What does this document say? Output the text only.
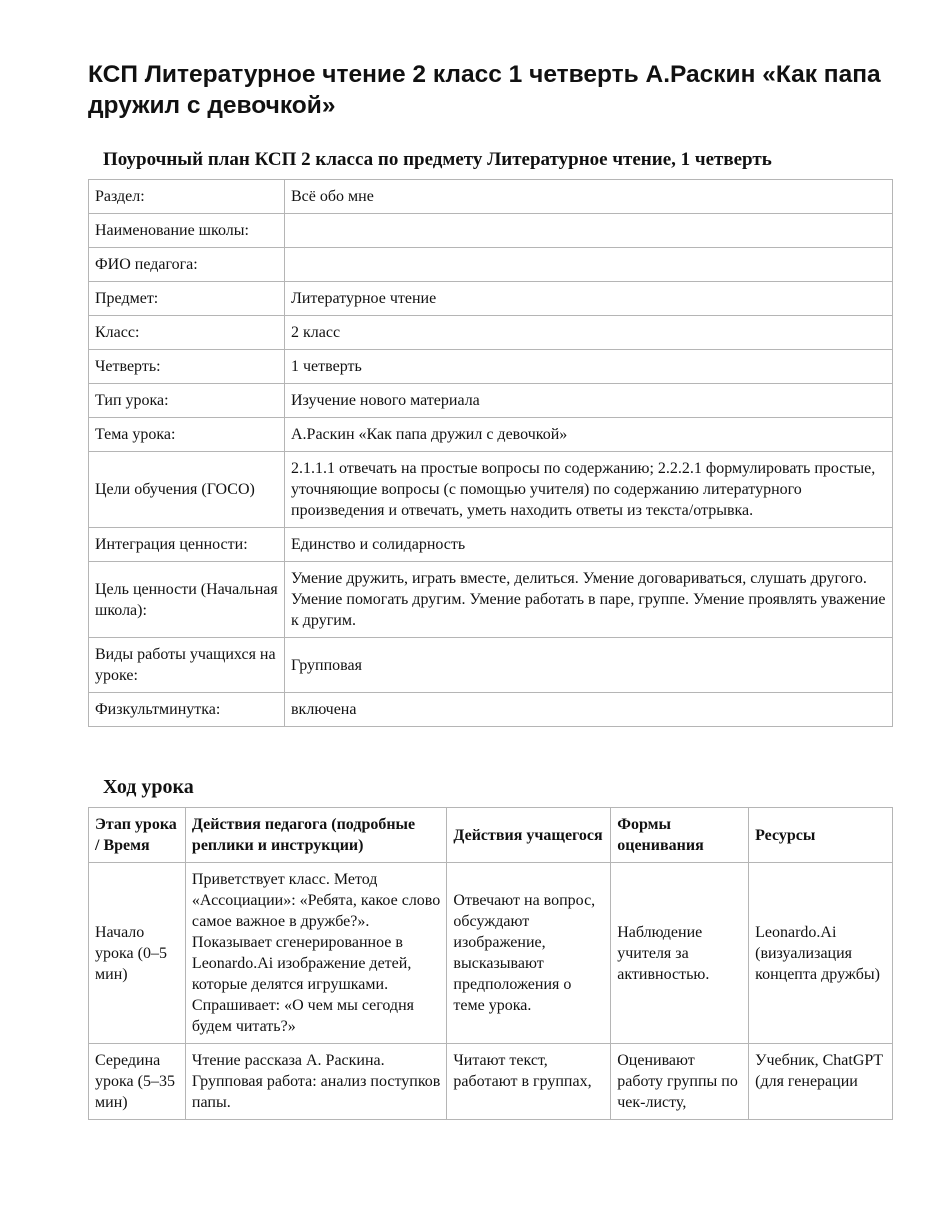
КСП Литературное чтение 2 класс 1 четверть А.Раскин «Как папа дружил с девочкой»
Поурочный план КСП 2 класса по предмету Литературное чтение, 1 четверть
Раздел:	Всё обо мне
Наименование школы:	
ФИО педагога:	
Предмет:	Литературное чтение
Класс:	2 класс
Четверть:	1 четверть
Тип урока:	Изучение нового материала
Тема урока:	А.Раскин «Как папа дружил с девочкой»
Цели обучения (ГОСО)	2.1.1.1 отвечать на простые вопросы по содержанию; 2.2.2.1 формулировать простые, уточняющие вопросы (с помощью учителя) по содержанию литературного произведения и отвечать, уметь находить ответы из текста/отрывка.
Интеграция ценности:	Единство и солидарность
Цель ценности (Начальная школа):	Умение дружить, играть вместе, делиться. Умение договариваться, слушать другого. Умение помогать другим. Умение работать в паре, группе. Умение проявлять уважение к другим.
Виды работы учащихся на уроке:	Групповая
Физкультминутка:	включена
Ход урока
Этап урока / Время	Действия педагога (подробные реплики и инструкции)	Действия учащегося	Формы оценивания	Ресурсы
Начало урока (0–5 мин)	Приветствует класс. Метод «Ассоциации»: «Ребята, какое слово самое важное в дружбе?». Показывает сгенерированное в Leonardo.Ai изображение детей, которые делятся игрушками. Спрашивает: «О чем мы сегодня будем читать?»	Отвечают на вопрос, обсуждают изображение, высказывают предположения о теме урока.	Наблюдение учителя за активностью.	Leonardo.Ai (визуализация концепта дружбы)
Середина урока (5–35 мин)	Чтение рассказа А. Раскина. Групповая работа: анализ поступков папы.	Читают текст, работают в группах,	Оценивают работу группы по чек-листу,	Учебник, ChatGPT (для генерации
